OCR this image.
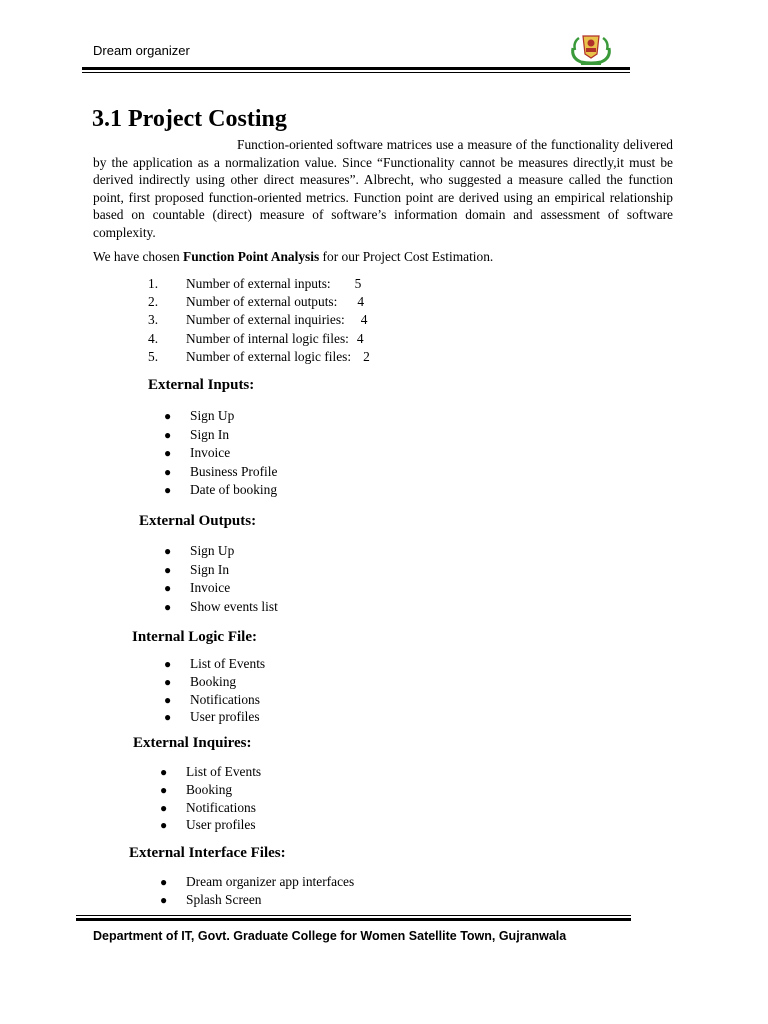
Dream organizer
3.1 Project Costing

Function-oriented software matrices use a measure of the functionality delivered by the application as a normalization value. Since “Functionality cannot be measures directly,it must be derived indirectly using other direct measures”. Albrecht, who suggested a measure called the function point, first proposed function-oriented metrics. Function point are derived using an empirical relationship based on countable (direct) measure of software’s information domain and assessment of software complexity.

We have chosen Function Point Analysis for our Project Cost Estimation.

1.	Number of external inputs: 5
2.	Number of external outputs: 4
3.	Number of external inquiries: 4
4.	Number of internal logic files: 4
5.	Number of external logic files: 2
External Inputs:
●	Sign Up
●	Sign In
●	Invoice
●	Business Profile
●	Date of booking
External Outputs:
●	Sign Up
●	Sign In
●	Invoice
●	Show events list
Internal Logic File:
●	List of Events
●	Booking
●	Notifications
●	User profiles
External Inquires:
●	List of Events
●	Booking
●	Notifications
●	User profiles
External Interface Files:
●	Dream organizer app interfaces
●	Splash Screen
Department of IT, Govt. Graduate College for Women Satellite Town, Gujranwala
